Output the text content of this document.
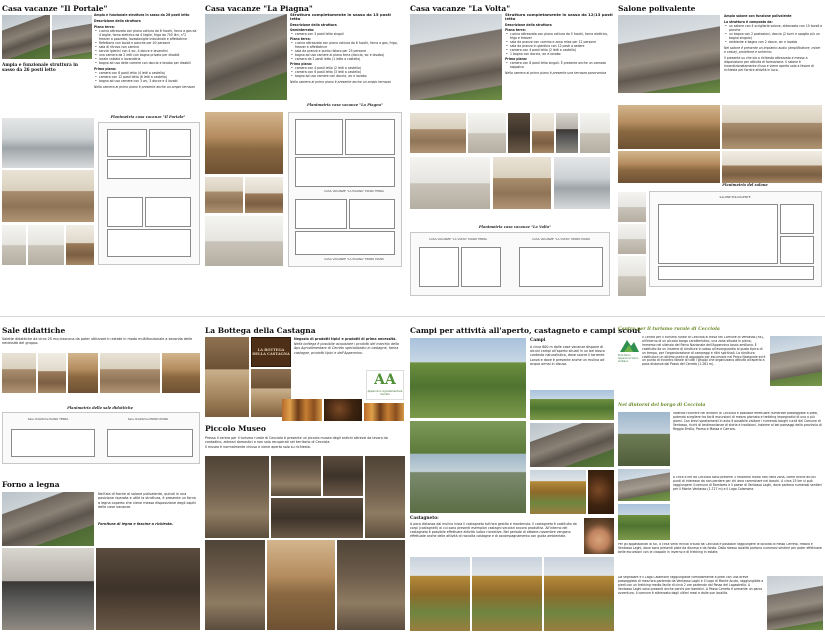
Casa vacanze "Il Portale"
Ampia e funzionale struttura in sasso da 26 posti letto
Ampia e funzionale struttura in sasso da 26 posti letto
Descrizione della struttura
Piano terra:
• cucina attrezzata con piano cottura da 6 fuochi, forno a gas da 4 teglie, forno elettrico da 4 teglie, frigo da 700 litri, n°2 freezer a pozzetto, lavastoviglie industriale e affettatrice
• Refettorio con tavoli e panche per 40 persone
• sala di ritrovo con camino
• servizi igienici con 4 wc, 4 docce e lavandini
• una camera da 2 letti con bagno privato per disabili
• locale caldaia e lavanderia
• bagno ad uso delle camere con doccia e lavabo per disabili
Primo piano:
• camera con 8 posti letto (4 letti a castello)
• camera con 12 posti letto (6 letti a castello)
• bagno ad uso camere con 3 wc, 3 docce e 4 lavabi
Nella camera al primo piano è presente anche un ampio terrazzo
Planimetria casa vacanze "Il Portale"
Casa vacanze "La Piagna"
Struttura completamente in sasso da 15 posti letto
Descrizione della struttura
Seminterrato:
• camera con 3 posti letto singoli
Piano terra:
• cucina attrezzata con piano cottura da 6 fuochi, forno a gas, frigo, freezer e affettatrice
• sala da pranzo e punto ristoro per 25 persone
• bagno ad uso camere al piano terra (doccia, wc e lavabo)
• camera da 2 posti letto (1 letto a castello)
Primo piano:
• camera con 4 posti letto (2 letti a castello)
• camera con 6 posti letto (3 letti a castello)
• bagno ad uso camere con doccia, wc e lavabo
Nella camera al primo piano è presente anche un ampio terrazzo
Planimetria casa vacanze "La Piagna"
CASA VACANZE "LA PIAGNA" PIANO TERRA
CASA VACANZE "LA PIAGNA" PRIMO PIANO
Casa vacanze "La Volta"
Struttura completamente in sasso da 12/13 posti letto
Descrizione della struttura
Piano terra:
• cucina attrezzata con piano cottura da 5 fuochi, forno elettrico, frigo e freezer
• sala da pranzo con camino e zona relax per 12 persone
• sala da pranzo in giardino con 12 posti a sedere
• camera con 4 posti letto (2 letti a castello)
• 1 bagno con doccia, wc e lavabo
Primo piano:
• camera con 8 posti letto singoli. È presente anche un comodo soppalco
Nella camera al primo piano è presente una terrazza panoramica
Planimetria casa vacanze "La Volta"
CASA VACANZE "LA VOLTA" PIANO TERRA	CASA VACANZE "LA VOLTA" PRIMO PIANO
Salone polivalente
Ampio salone con funzione polivalente
La struttura è composta da:
• un salone con 4 scrigliarie salone, attrezzato con 10 tavoli e panche
• un bagno con 2 postazioni, doccia (2 turni e spoglio più un bagno singolo)
• ambiente e bagno con 2 docce, wc e lavabo
Nel salone è presente un impianto audio (amplificatore, mixer e casse), proiettore e schermo.
Il presente su che sia a richiesta attrezzato e messo a disposizione per attività di formazione. Il salone è incondizionatamente d'uso e viene aperto solo a favore di richiesta per fornire attività in loco.
Planimetria del salone
SALONE POLIVALENTE
Sale didattiche
Salette didattiche da circa 25 mq ciascuna da poter utilizzare in estate in modo multifunzionale a seconda delle necessità del gruppo.
Planimetria delle sale didattiche
Sale didattiche PIANO TERRA	Sale didattiche PRIMO PIANO
Forno a legna
Nell'aia di fronte al salone polivalente, quindi in una posizione riparata e utile la struttura, è presente un forno a legna coperto che viene messo disposizione degli ospiti delle case vacanze.
Fornitura di legna e fascine a richiesta.
La Bottega della Castagna
LA BOTTEGA DELLA CASTAGNA
Negozio di prodotti tipici e prodotti di prima necessità.
Nella bottega è possibile acquistare i prodotti del marchio della Aps Agroalimentare di Cerreto specializzato in castagne, farina castagne, prodotti tipici e dell'Appennino.
AA
Appennino Agroalimentare Cerreto
Piccolo Museo
Presso il centro per il turismo rurale di Cecciola è presente un piccolo museo degli antichi attrezzi da lavoro da contadino, attrezzi domestici e non solo recuperati nel territorio di Cecciola.
Il museo è normalmente chiuso e viene aperto solo su richiesta.
Campi per attività all'aperto, castagneto e campi scout
Campi
A circa 600 m dalle case vacanze dispone di alcuni campi all'aperto situati in un bel bosco contesto naturalistico, dove scorre il torrente Lonza e dove è presente anche un mulino ad acqua ormai in disuso.
Castagneto:
A poca distanza dal mulino inizia il castagneto tutt'ora gestito e mantenuto. Il castagneto è costituito da corpi (castagneti) ai cui sono presenti esemplari castagni secolari ancora produttivi. All'interno del castagneto è possibile effettuare attività ludico ricreative. Nel periodo di ottobre-novembre vengono effettuate anche delle attività di raccolta castagne e di accompagnamento con guida ambientale.
Centro per il turismo rurale di Cecciola
Ente Parco Appennino tosco-emiliano
Il Centro per il turismo rurale di Cecciola si trova nel Comune di Ventasso (RE), all'interno di un piccolo borgo caratteristico, una zona situata in piena, immerso nel silenzio del Parco Nazionale dell'Appennino tosco-emiliano. È costituito da un insieme di strutture in sasso all'avanguardia al gusto tipico di un tempo, per l'organizzazione di campeggi e ritiri spirituali. La struttura costituisce un ottimo punto di appoggio per escursioni nel Parco Nazionale ed è un punto di incontro ideale di tutti i gruppi che organizzano attività all'aperto a poca distanza dal Passo del Cerreto (1.261 m).
Nei dintorni del borgo di Cecciola
Valendo ricorrere nei dintorni di Cecciola è possibile effettuare numerose passeggiate a piedi, potendo scegliere tra facili escursioni di mezza giornata e trekking impegnativi di uno o più giorni. Con brevi spostamenti in auto è possibile visitare i numerosi borghi rurali del Comune di Ventasso, ricchi di testimonianze di storia e tradizioni, insieme ai bei paesaggi della provincia di Reggio Emilia, Parma e Massa e Carrara.
A circa 6 km da Cecciola sono presenti 3 ristoranti molto noti nella zona, come anche alcuni punti di interesse da non perdere per chi ama camminare nei boschi. A circa 15 km si può raggiungere il comune di Ramiseto e il paese di Ventasso Laghi, dove partono numerosi sentieri per il Monte Ventasso (1.727 m) e il Lago Calamone.
Per gli appassionati di sci, a circa venti minuti d'auto da Cecciola è possibile raggiungere le località di Passo Cerreto, Febbio e Ventasso Laghi, dove sono presenti piste da discesa e da fondo. Dalla stessa località partono numerosi sentieri per poter effettuare belle escursioni con le ciaspole in inverno e di trekking in estate.
Da segnalare è il Lago Calamone raggiungibile comodamente a piedi con una breve passeggiata di mezz'ora partendo da Ventasso Laghi e il Lago di Monte Acuto, raggiungibile a piedi con un trekking medio-facile di circa 2 ore partendo dal Passo del Lagastrello. A Ventasso Laghi sono presenti anche parchi per bambini. A Passo Cerreto è presente un parco avventura. Il comune è attrezzato dagli ultimi mesi e dalle sue località.
